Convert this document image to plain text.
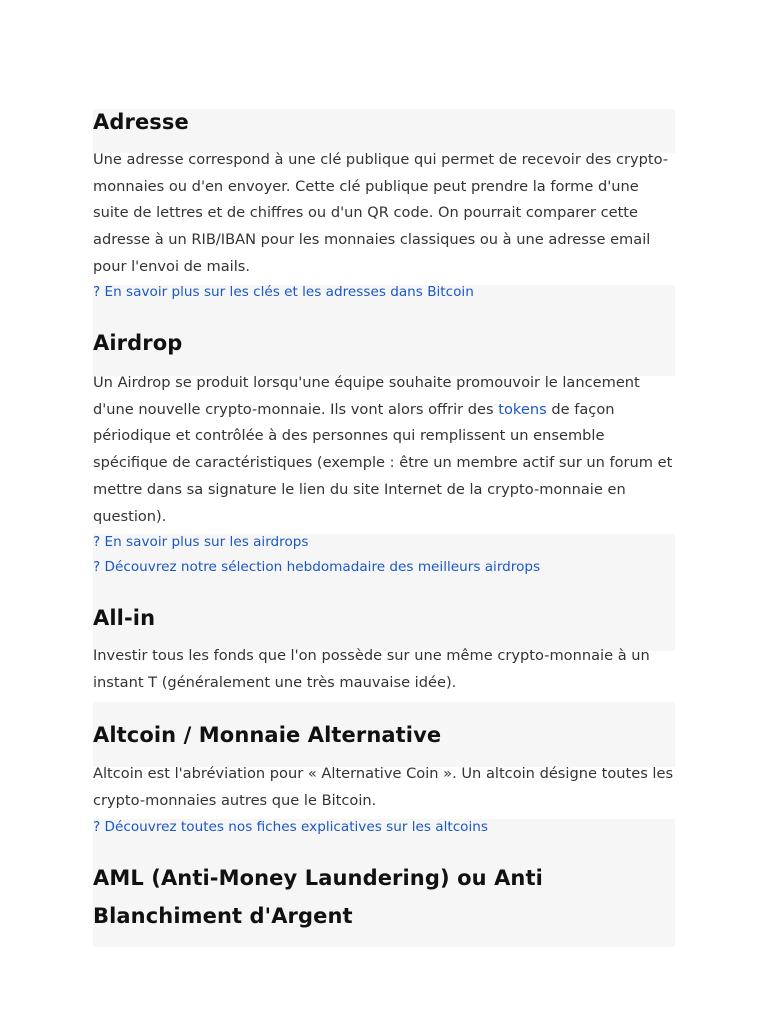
Adresse

Une adresse correspond à une clé publique qui permet de recevoir des crypto-monnaies ou d'en envoyer. Cette clé publique peut prendre la forme d'une suite de lettres et de chiffres ou d'un QR code. On pourrait comparer cette adresse à un RIB/IBAN pour les monnaies classiques ou à une adresse email pour l'envoi de mails.

? En savoir plus sur les clés et les adresses dans Bitcoin
Airdrop

Un Airdrop se produit lorsqu'une équipe souhaite promouvoir le lancement d'une nouvelle crypto-monnaie. Ils vont alors offrir des tokens de façon périodique et contrôlée à des personnes qui remplissent un ensemble spécifique de caractéristiques (exemple : être un membre actif sur un forum et mettre dans sa signature le lien du site Internet de la crypto-monnaie en question).

? En savoir plus sur les airdrops
? Découvrez notre sélection hebdomadaire des meilleurs airdrops
All-in

Investir tous les fonds que l'on possède sur une même crypto-monnaie à un instant T (généralement une très mauvaise idée).

Altcoin / Monnaie Alternative

Altcoin est l'abréviation pour « Alternative Coin ». Un altcoin désigne toutes les crypto-monnaies autres que le Bitcoin.

? Découvrez toutes nos fiches explicatives sur les altcoins
AML (Anti-Money Laundering) ou Anti Blanchiment d'Argent
